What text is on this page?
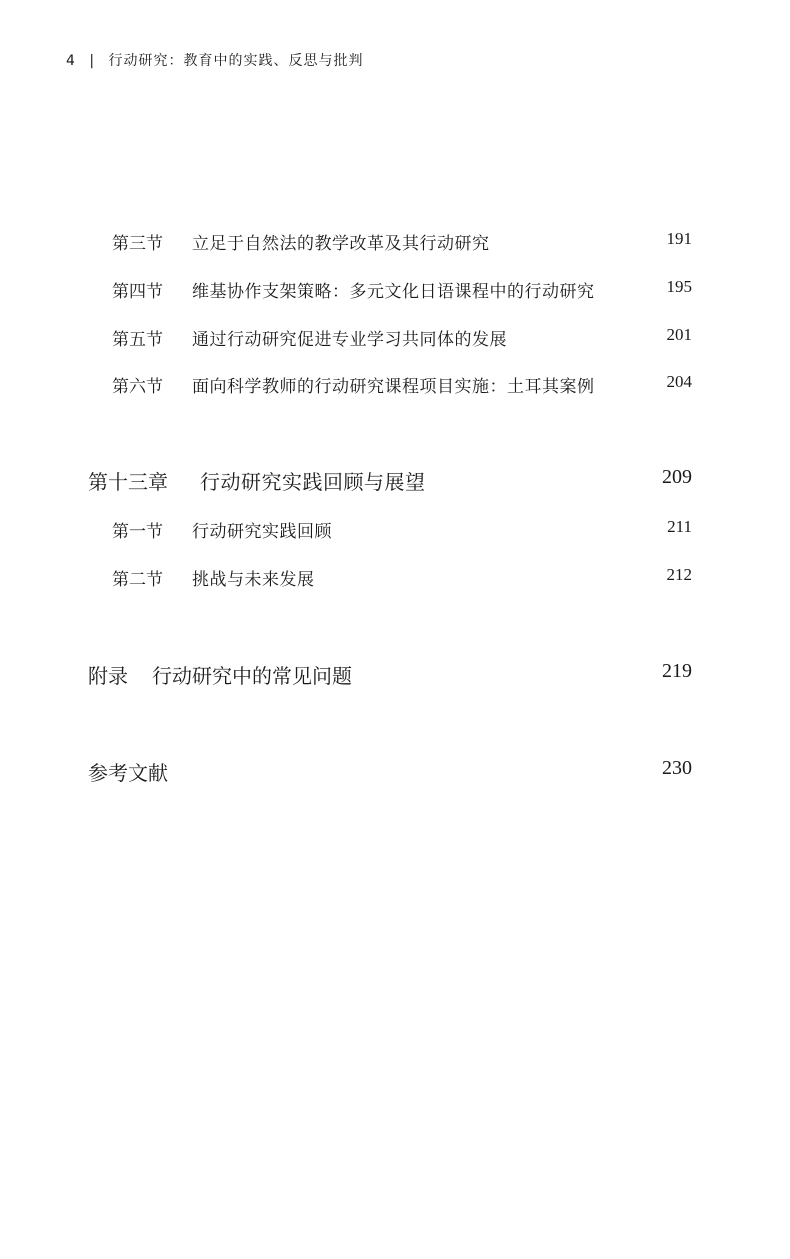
4 | 行动研究：教育中的实践、反思与批判
第三节 立足于自然法的教学改革及其行动研究	191
第四节 维基协作支架策略：多元文化日语课程中的行动研究	195
第五节 通过行动研究促进专业学习共同体的发展	201
第六节 面向科学教师的行动研究课程项目实施：土耳其案例	204
第十三章 行动研究实践回顾与展望	209
第一节 行动研究实践回顾	211
第二节 挑战与未来发展	212
附录 行动研究中的常见问题	219
参考文献	230
